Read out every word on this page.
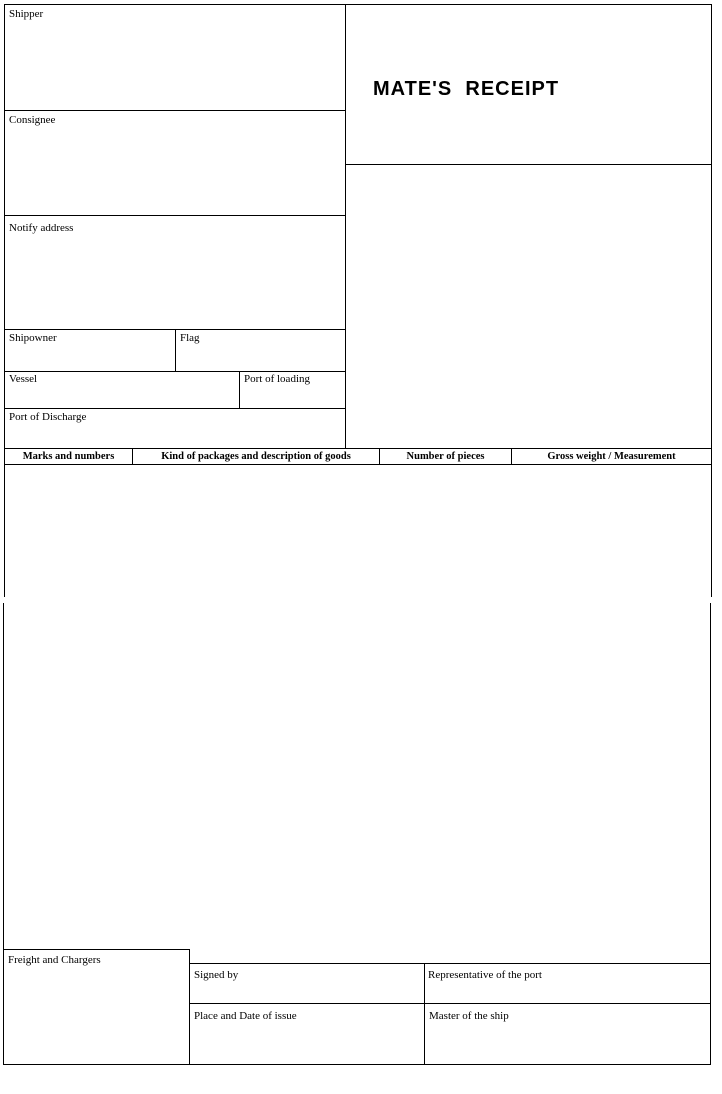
MATE'S  RECEIPT
Shipper
Consignee
Notify address
Shipowner	Flag
Vessel	Port of loading
Port of Discharge
Marks and numbers	Kind of packages and description of goods	Number of pieces	Gross weight / Measurement
Freight and Chargers
Signed by	Representative of the port
Place and Date of issue	Master of the ship
